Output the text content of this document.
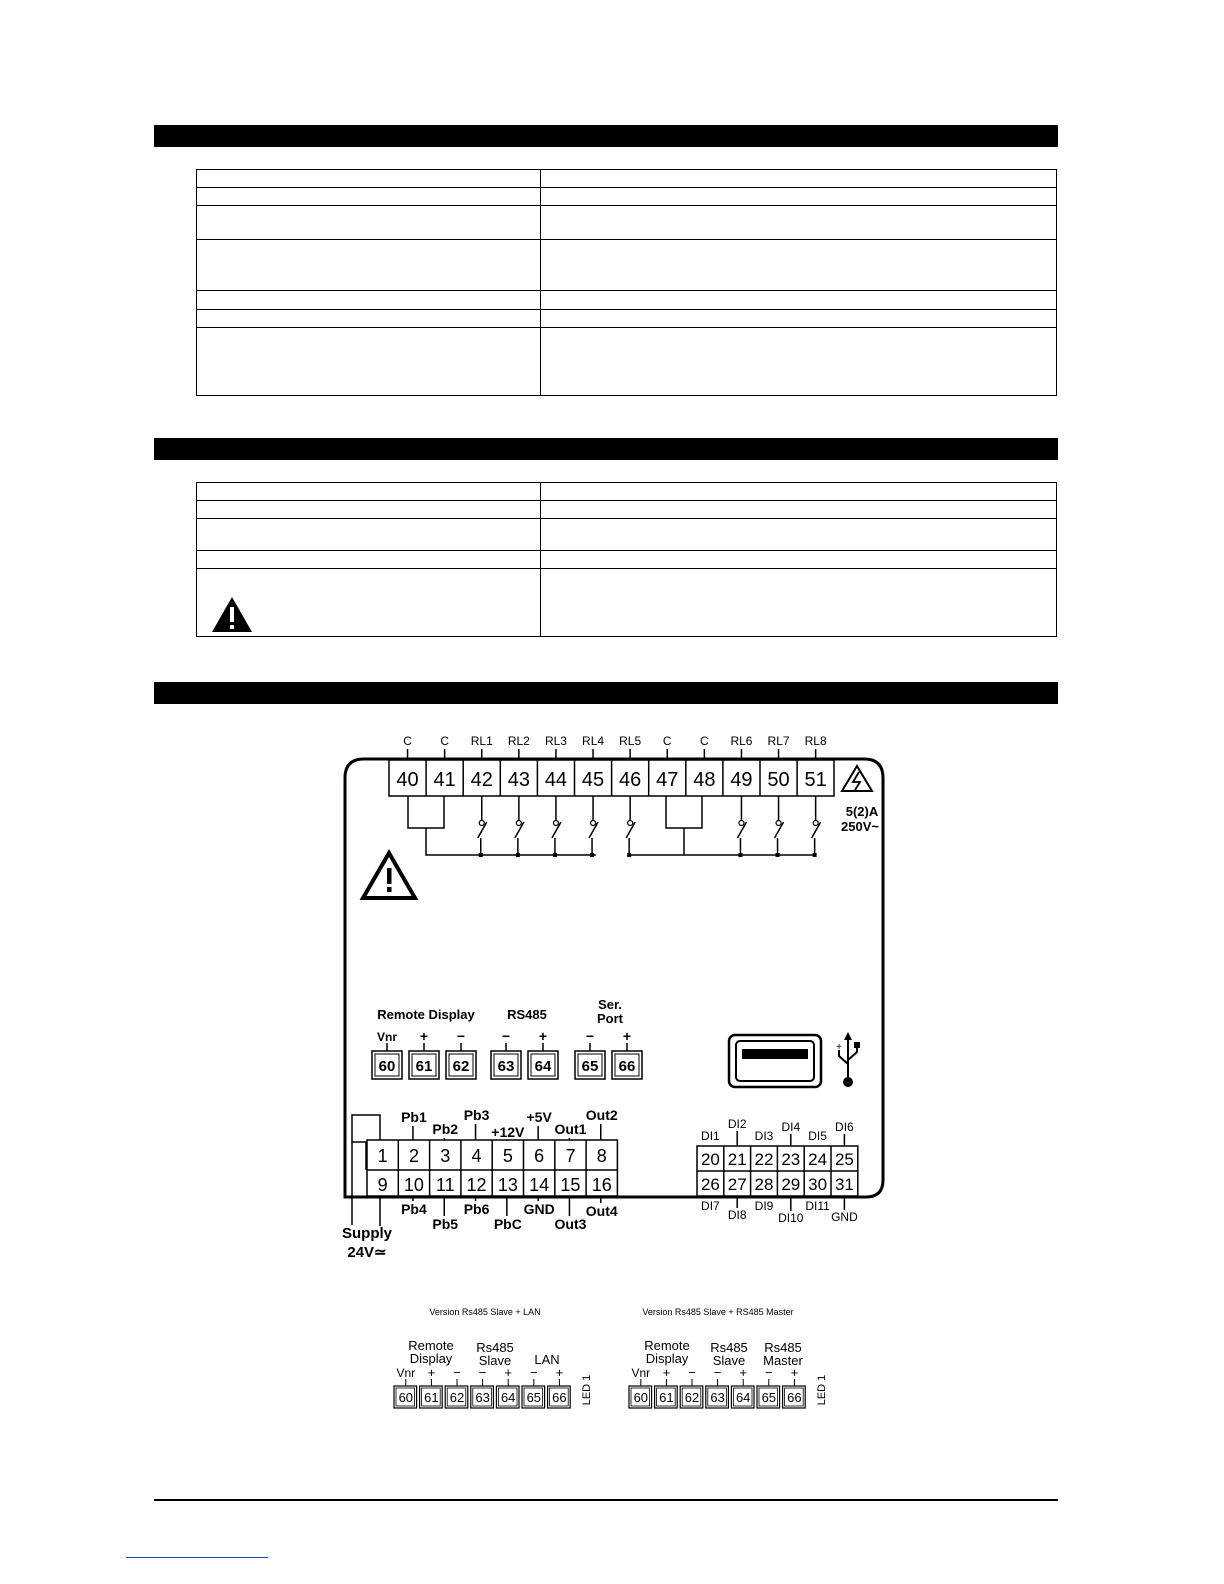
40 41 42 43 44 45 46 47 48 49 50 51
C C RL1 RL2 RL3 RL4 RL5 C C RL6 RL7 RL8
5(2)A
250V~
Remote Display RS485
Ser.
Port
60
Vnr
61
+
62
−
63
−
64
+
65
−
66
+
+
1 2 3 4 5 6 7 8
9 10 11 12 13 14 15 16
Pb1
Pb2
Pb3
+12V
+5V
Out1
Out2
Pb4
Pb5
Pb6
PbC
GND
Out3
Out4
Supply
24V≃
20 21 22 23 24 25
26 27 28 29 30 31
DI1
DI2
DI3
DI4
DI5
DI6
DI7
DI8
DI9
DI10
DI11
GND
Version Rs485 Slave + LAN
Remote
Display
Rs485
Slave LAN
60
Vnr
61
+
62
−
63
−
64
+
65
−
66
+
LED 1
Version Rs485 Slave + RS485 Master
Remote
Display
Rs485
Slave
Rs485
Master
60
Vnr
61
+
62
−
63
−
64
+
65
−
66
+
LED 1
